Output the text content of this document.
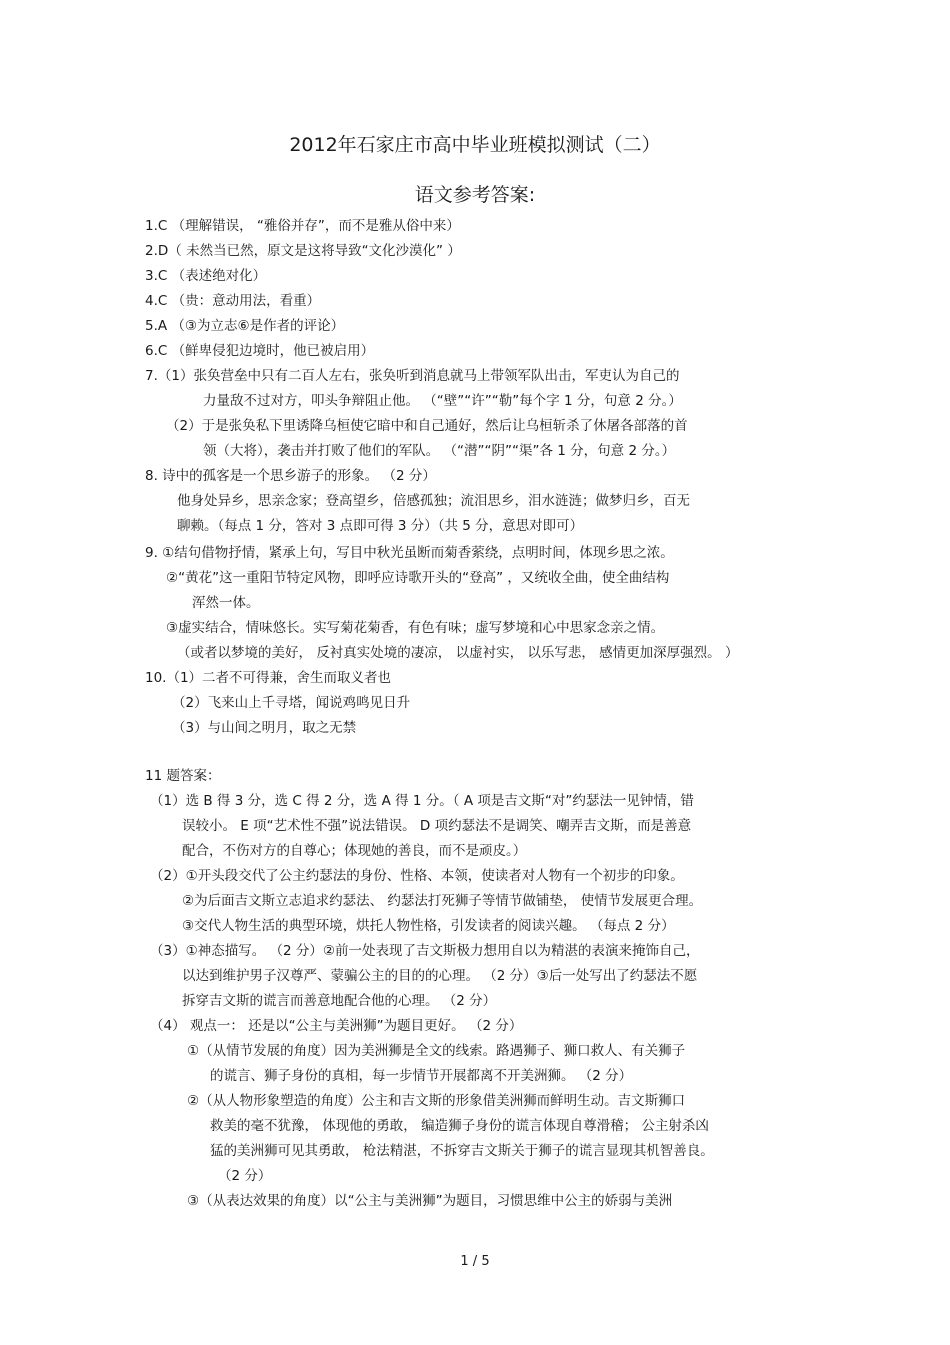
2012年石家庄市高中毕业班模拟测试（二）
语文参考答案:
1.C （理解错误， “雅俗并存”，而不是雅从俗中来）
2.D（ 未然当已然，原文是这将导致“文化沙漠化” ）
3.C （表述绝对化）
4.C （贵：意动用法，看重）
5.A （③为立志⑥是作者的评论）
6.C （鲜卑侵犯边境时，他已被启用）
7.（1）张奂营垒中只有二百人左右，张奂听到消息就马上带领军队出击，军吏认为自己的
力量敌不过对方，叩头争辩阻止他。 （“壁”“许”“勒”每个字 1 分，句意 2 分。）
（2）于是张奂私下里诱降乌桓使它暗中和自己通好，然后让乌桓斩杀了休屠各部落的首
领（大将），袭击并打败了他们的军队。 （“潜”“阴”“渠”各 1 分，句意 2 分。）
8. 诗中的孤客是一个思乡游子的形象。 （2 分）
他身处异乡，思亲念家；登高望乡，倍感孤独；流泪思乡，泪水涟涟；做梦归乡，百无
聊赖。（每点 1 分，答对 3 点即可得 3 分）（共 5 分，意思对即可）
9. ①结句借物抒情，紧承上句，写目中秋光虽断而菊香萦绕，点明时间，体现乡思之浓。
②“黄花”这一重阳节特定风物，即呼应诗歌开头的“登高” ，又统收全曲，使全曲结构
浑然一体。
③虚实结合，情味悠长。实写菊花菊香，有色有味；虚写梦境和心中思家念亲之情。
（或者以梦境的美好， 反衬真实处境的凄凉， 以虚衬实， 以乐写悲， 感情更加深厚强烈。 ）
10.（1）二者不可得兼，舍生而取义者也
（2）飞来山上千寻塔，闻说鸡鸣见日升
（3）与山间之明月，取之无禁
11 题答案：
（1）选 B 得 3 分，选 C 得 2 分，选 A 得 1 分。（ A 项是吉文斯“对”约瑟法一见钟情，错
误较小。 E 项“艺术性不强”说法错误。 D 项约瑟法不是调笑、嘲弄吉文斯，而是善意
配合，不伤对方的自尊心；体现她的善良，而不是顽皮。）
（2）①开头段交代了公主约瑟法的身份、性格、本领，使读者对人物有一个初步的印象。
②为后面吉文斯立志追求约瑟法、 约瑟法打死狮子等情节做铺垫， 使情节发展更合理。
③交代人物生活的典型环境，烘托人物性格，引发读者的阅读兴趣。 （每点 2 分）
（3）①神态描写。 （2 分）②前一处表现了吉文斯极力想用自以为精湛的表演来掩饰自己，
以达到维护男子汉尊严、蒙骗公主的目的的心理。 （2 分）③后一处写出了约瑟法不愿
拆穿吉文斯的谎言而善意地配合他的心理。 （2 分）
（4） 观点一： 还是以“公主与美洲狮”为题目更好。 （2 分）
①（从情节发展的角度）因为美洲狮是全文的线索。路遇狮子、狮口救人、有关狮子
的谎言、狮子身份的真相，每一步情节开展都离不开美洲狮。 （2 分）
②（从人物形象塑造的角度）公主和吉文斯的形象借美洲狮而鲜明生动。吉文斯狮口
救美的毫不犹豫， 体现他的勇敢， 编造狮子身份的谎言体现自尊滑稽； 公主射杀凶
猛的美洲狮可见其勇敢， 枪法精湛，不拆穿吉文斯关于狮子的谎言显现其机智善良。
（2 分）
③（从表达效果的角度）以“公主与美洲狮”为题目，习惯思维中公主的娇弱与美洲
1 / 5
